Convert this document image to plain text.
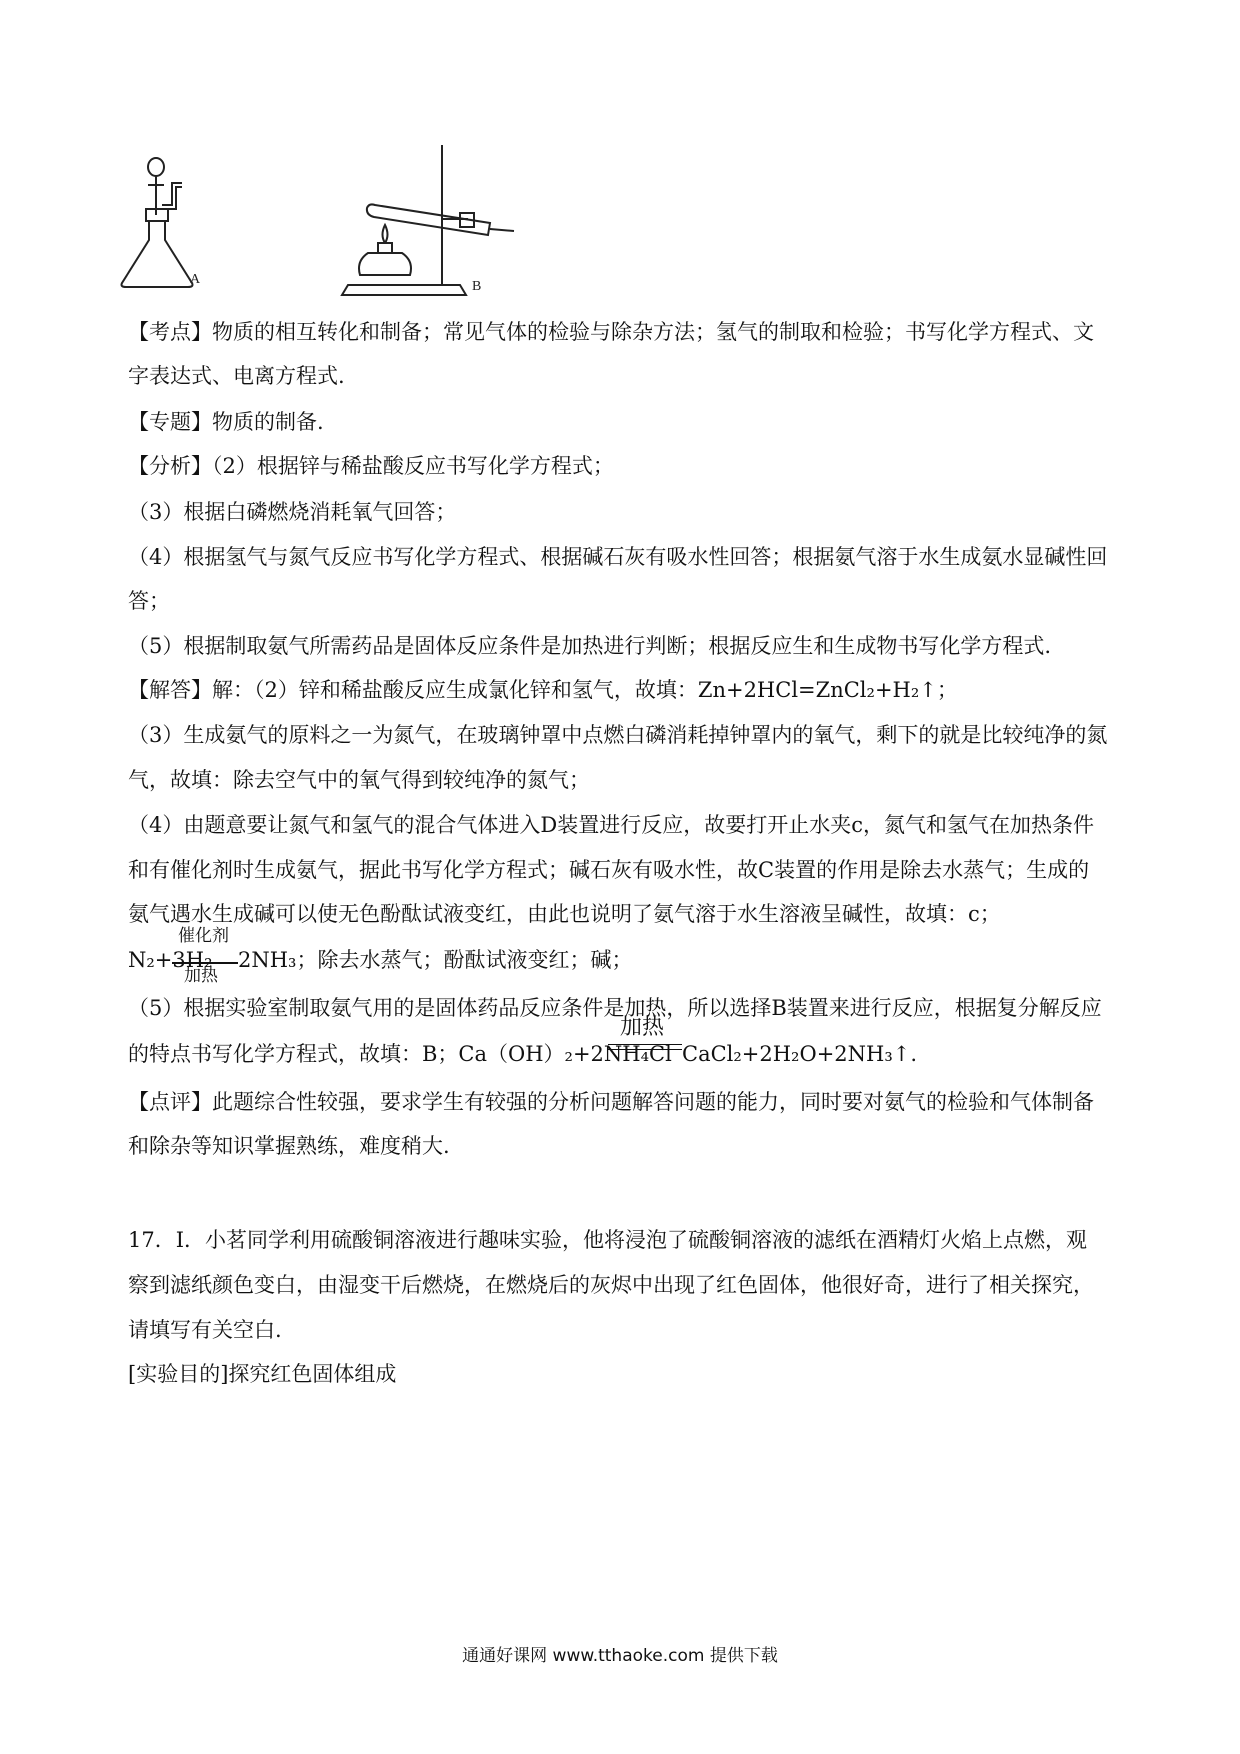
A	B
【考点】物质的相互转化和制备；常见气体的检验与除杂方法；氢气的制取和检验；书写化学方程式、文
字表达式、电离方程式.
【专题】物质的制备.
【分析】（2）根据锌与稀盐酸反应书写化学方程式；
（3）根据白磷燃烧消耗氧气回答；
（4）根据氢气与氮气反应书写化学方程式、根据碱石灰有吸水性回答；根据氨气溶于水生成氨水显碱性回
答；
（5）根据制取氨气所需药品是固体反应条件是加热进行判断；根据反应生和生成物书写化学方程式.
【解答】解：（2）锌和稀盐酸反应生成氯化锌和氢气，故填：Zn+2HCl=ZnCl₂+H₂↑；
（3）生成氨气的原料之一为氮气，在玻璃钟罩中点燃白磷消耗掉钟罩内的氧气，剩下的就是比较纯净的氮
气，故填：除去空气中的氧气得到较纯净的氮气；
（4）由题意要让氮气和氢气的混合气体进入D装置进行反应，故要打开止水夹c，氮气和氢气在加热条件
和有催化剂时生成氨气，据此书写化学方程式；碱石灰有吸水性，故C装置的作用是除去水蒸气；生成的
氨气遇水生成碱可以使无色酚酞试液变红，由此也说明了氨气溶于水生溶液呈碱性，故填：c；
N₂+3H₂
催化剂
加热
2NH₃；除去水蒸气；酚酞试液变红；碱；
（5）根据实验室制取氨气用的是固体药品反应条件是加热，所以选择B装置来进行反应，根据复分解反应
的特点书写化学方程式，故填：B；Ca（OH）₂+2NH₄Cl
加热
CaCl₂+2H₂O+2NH₃↑.
【点评】此题综合性较强，要求学生有较强的分析问题解答问题的能力，同时要对氨气的检验和气体制备
和除杂等知识掌握熟练，难度稍大.
17．Ⅰ．小茗同学利用硫酸铜溶液进行趣味实验，他将浸泡了硫酸铜溶液的滤纸在酒精灯火焰上点燃，观
察到滤纸颜色变白，由湿变干后燃烧，在燃烧后的灰烬中出现了红色固体，他很好奇，进行了相关探究，
请填写有关空白.
[实验目的]探究红色固体组成
通通好课网 www.tthaoke.com 提供下载
